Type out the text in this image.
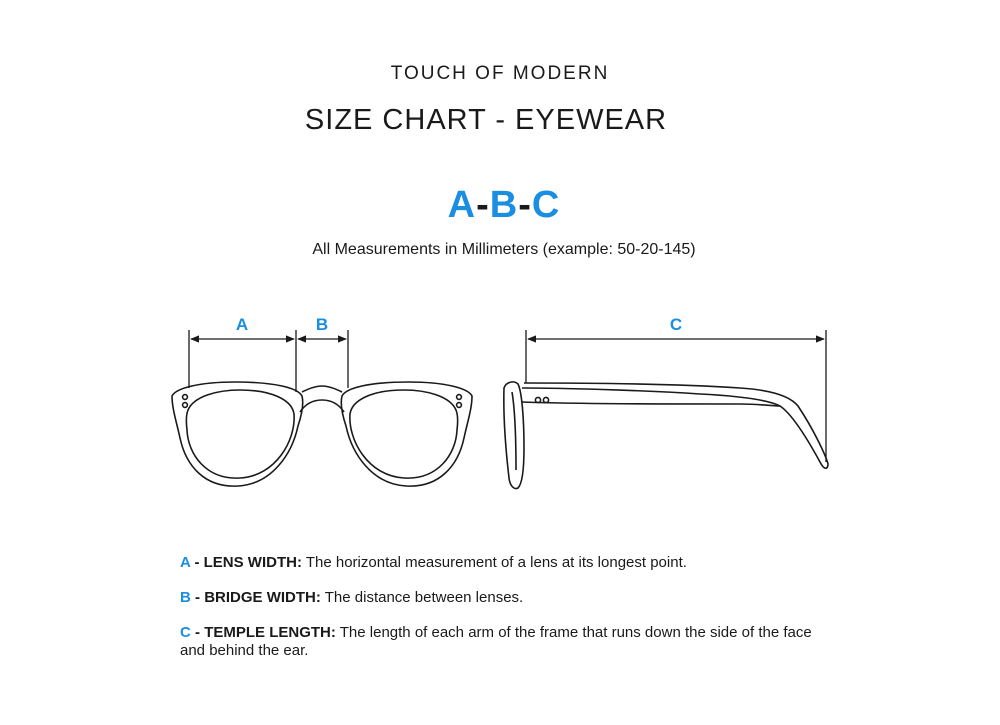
TOUCH OF MODERN
SIZE CHART - EYEWEAR
A-B-C
All Measurements in Millimeters (example: 50-20-145)
A	B	C

A - LENS WIDTH: The horizontal measurement of a lens at its longest point.

B - BRIDGE WIDTH: The distance between lenses.

C - TEMPLE LENGTH: The length of each arm of the frame that runs down the side of the face and behind the ear.
